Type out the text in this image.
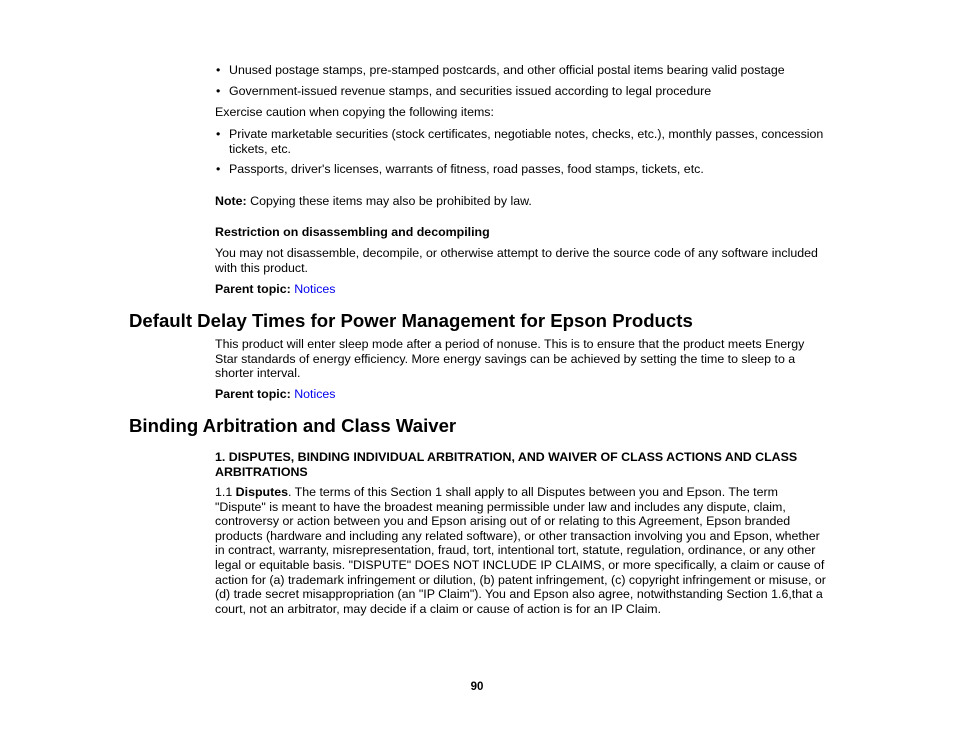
• Unused postage stamps, pre-stamped postcards, and other official postal items bearing valid postage

• Government-issued revenue stamps, and securities issued according to legal procedure

Exercise caution when copying the following items:

• Private marketable securities (stock certificates, negotiable notes, checks, etc.), monthly passes, concession tickets, etc.

• Passports, driver's licenses, warrants of fitness, road passes, food stamps, tickets, etc.

Note: Copying these items may also be prohibited by law.

Restriction on disassembling and decompiling

You may not disassemble, decompile, or otherwise attempt to derive the source code of any software included with this product.

Parent topic: Notices

Default Delay Times for Power Management for Epson Products

This product will enter sleep mode after a period of nonuse. This is to ensure that the product meets Energy Star standards of energy efficiency. More energy savings can be achieved by setting the time to sleep to a shorter interval.

Parent topic: Notices

Binding Arbitration and Class Waiver

1. DISPUTES, BINDING INDIVIDUAL ARBITRATION, AND WAIVER OF CLASS ACTIONS AND CLASS ARBITRATIONS

1.1 Disputes. The terms of this Section 1 shall apply to all Disputes between you and Epson. The term "Dispute" is meant to have the broadest meaning permissible under law and includes any dispute, claim, controversy or action between you and Epson arising out of or relating to this Agreement, Epson branded products (hardware and including any related software), or other transaction involving you and Epson, whether in contract, warranty, misrepresentation, fraud, tort, intentional tort, statute, regulation, ordinance, or any other legal or equitable basis. "DISPUTE" DOES NOT INCLUDE IP CLAIMS, or more specifically, a claim or cause of action for (a) trademark infringement or dilution, (b) patent infringement, (c) copyright infringement or misuse, or (d) trade secret misappropriation (an "IP Claim"). You and Epson also agree, notwithstanding Section 1.6,that a court, not an arbitrator, may decide if a claim or cause of action is for an IP Claim.

90
